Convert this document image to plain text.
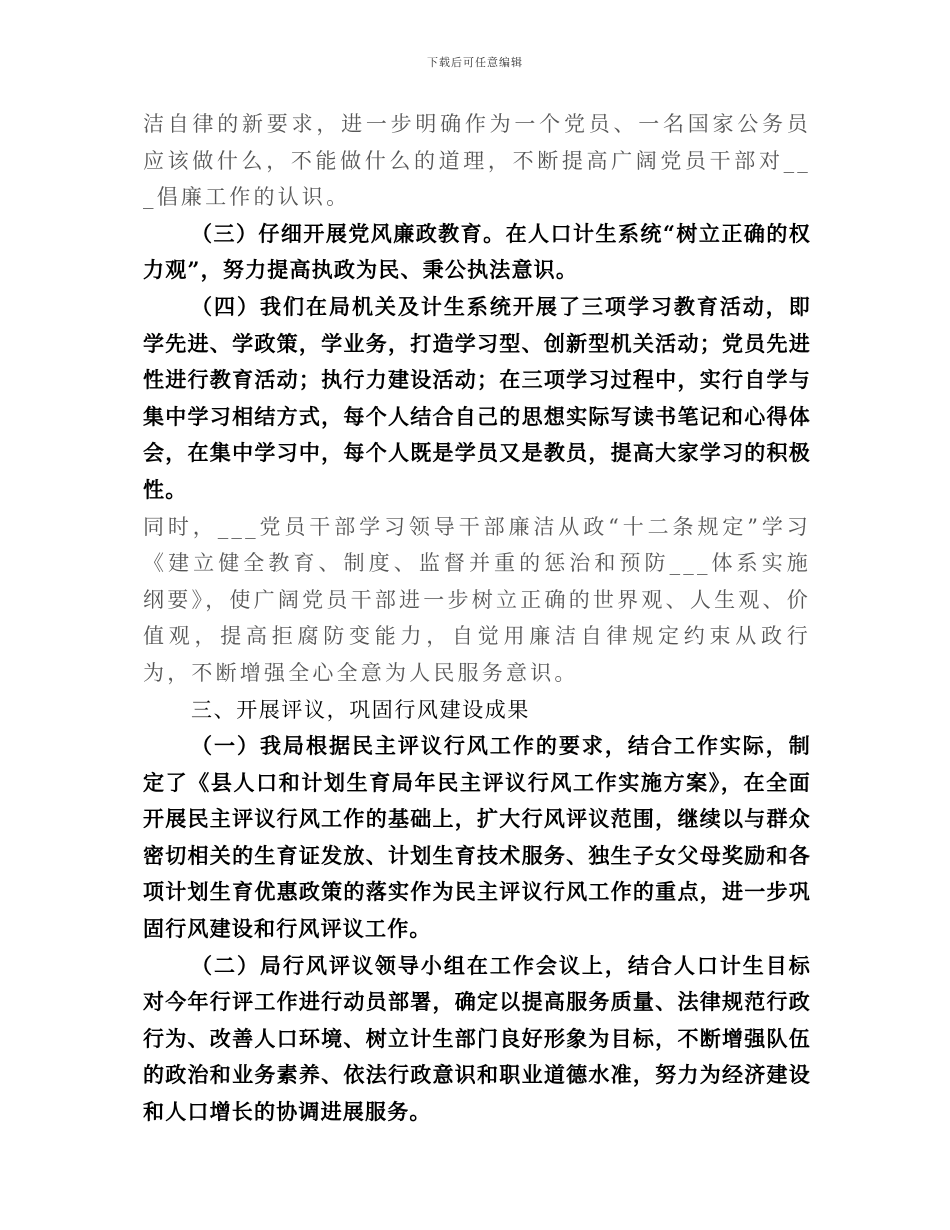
下载后可任意编辑

洁自律的新要求，进一步明确作为一个党员、一名国家公务员应该做什么，不能做什么的道理，不断提高广阔党员干部对___倡廉工作的认识。

（三）仔细开展党风廉政教育。在人口计生系统“树立正确的权力观”，努力提高执政为民、秉公执法意识。

（四）我们在局机关及计生系统开展了三项学习教育活动，即学先进、学政策，学业务，打造学习型、创新型机关活动；党员先进性进行教育活动；执行力建设活动；在三项学习过程中，实行自学与集中学习相结方式，每个人结合自己的思想实际写读书笔记和心得体会，在集中学习中，每个人既是学员又是教员，提高大家学习的积极性。

同时，___党员干部学习领导干部廉洁从政“十二条规定”学习《建立健全教育、制度、监督并重的惩治和预防___体系实施纲要》，使广阔党员干部进一步树立正确的世界观、人生观、价值观，提高拒腐防变能力，自觉用廉洁自律规定约束从政行为，不断增强全心全意为人民服务意识。

三、开展评议，巩固行风建设成果

（一）我局根据民主评议行风工作的要求，结合工作实际，制定了《县人口和计划生育局年民主评议行风工作实施方案》，在全面开展民主评议行风工作的基础上，扩大行风评议范围，继续以与群众密切相关的生育证发放、计划生育技术服务、独生子女父母奖励和各项计划生育优惠政策的落实作为民主评议行风工作的重点，进一步巩固行风建设和行风评议工作。

（二）局行风评议领导小组在工作会议上，结合人口计生目标对今年行评工作进行动员部署，确定以提高服务质量、法律规范行政行为、改善人口环境、树立计生部门良好形象为目标，不断增强队伍的政治和业务素养、依法行政意识和职业道德水准，努力为经济建设和人口增长的协调进展服务。
